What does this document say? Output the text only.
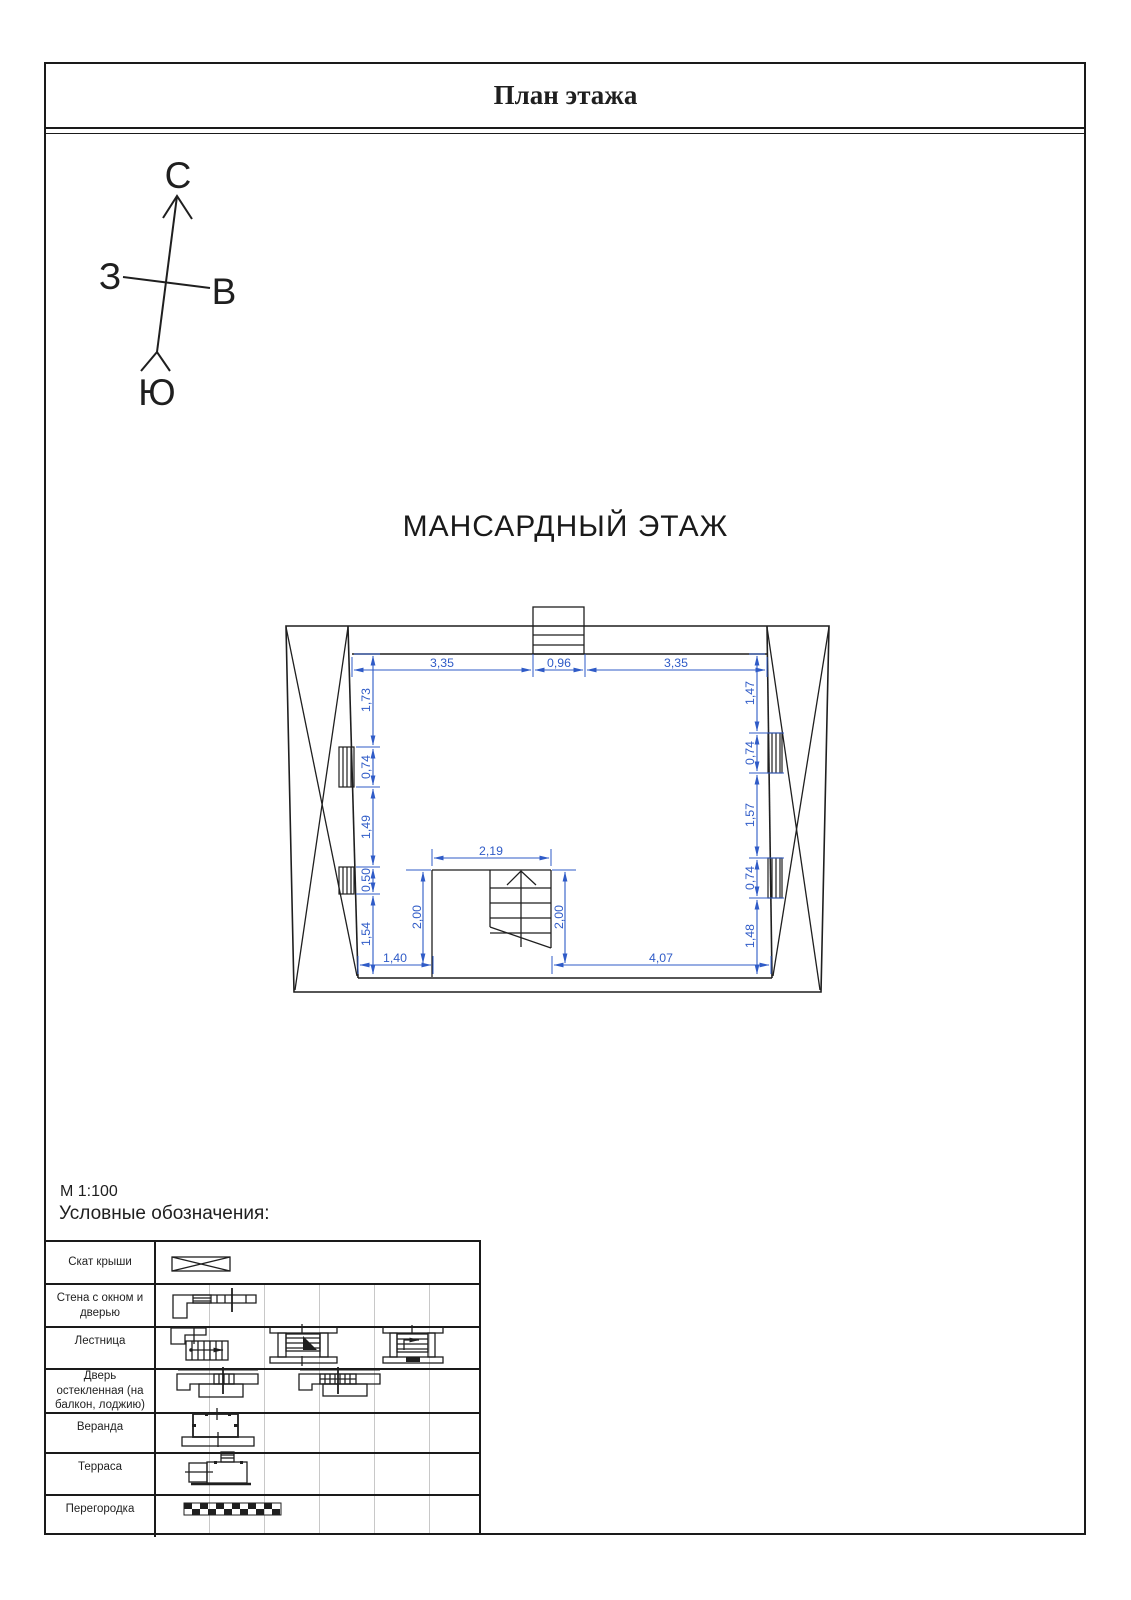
План этажа
С
З В
Ю
МАНСАРДНЫЙ ЭТАЖ
М 1:100
Условные обозначения:
Скат крыши
Стена с окном и дверью
Лестница
Дверь остекленная (на балкон, лоджию)
Веранда
Терраса
Перегородка
3,35	0,96	3,35
1,73
0,74
1,49
0,50
1,54
1,47
0,74
1,57
0,74
1,48
1,40	4,07
2,19
2,00	2,00
